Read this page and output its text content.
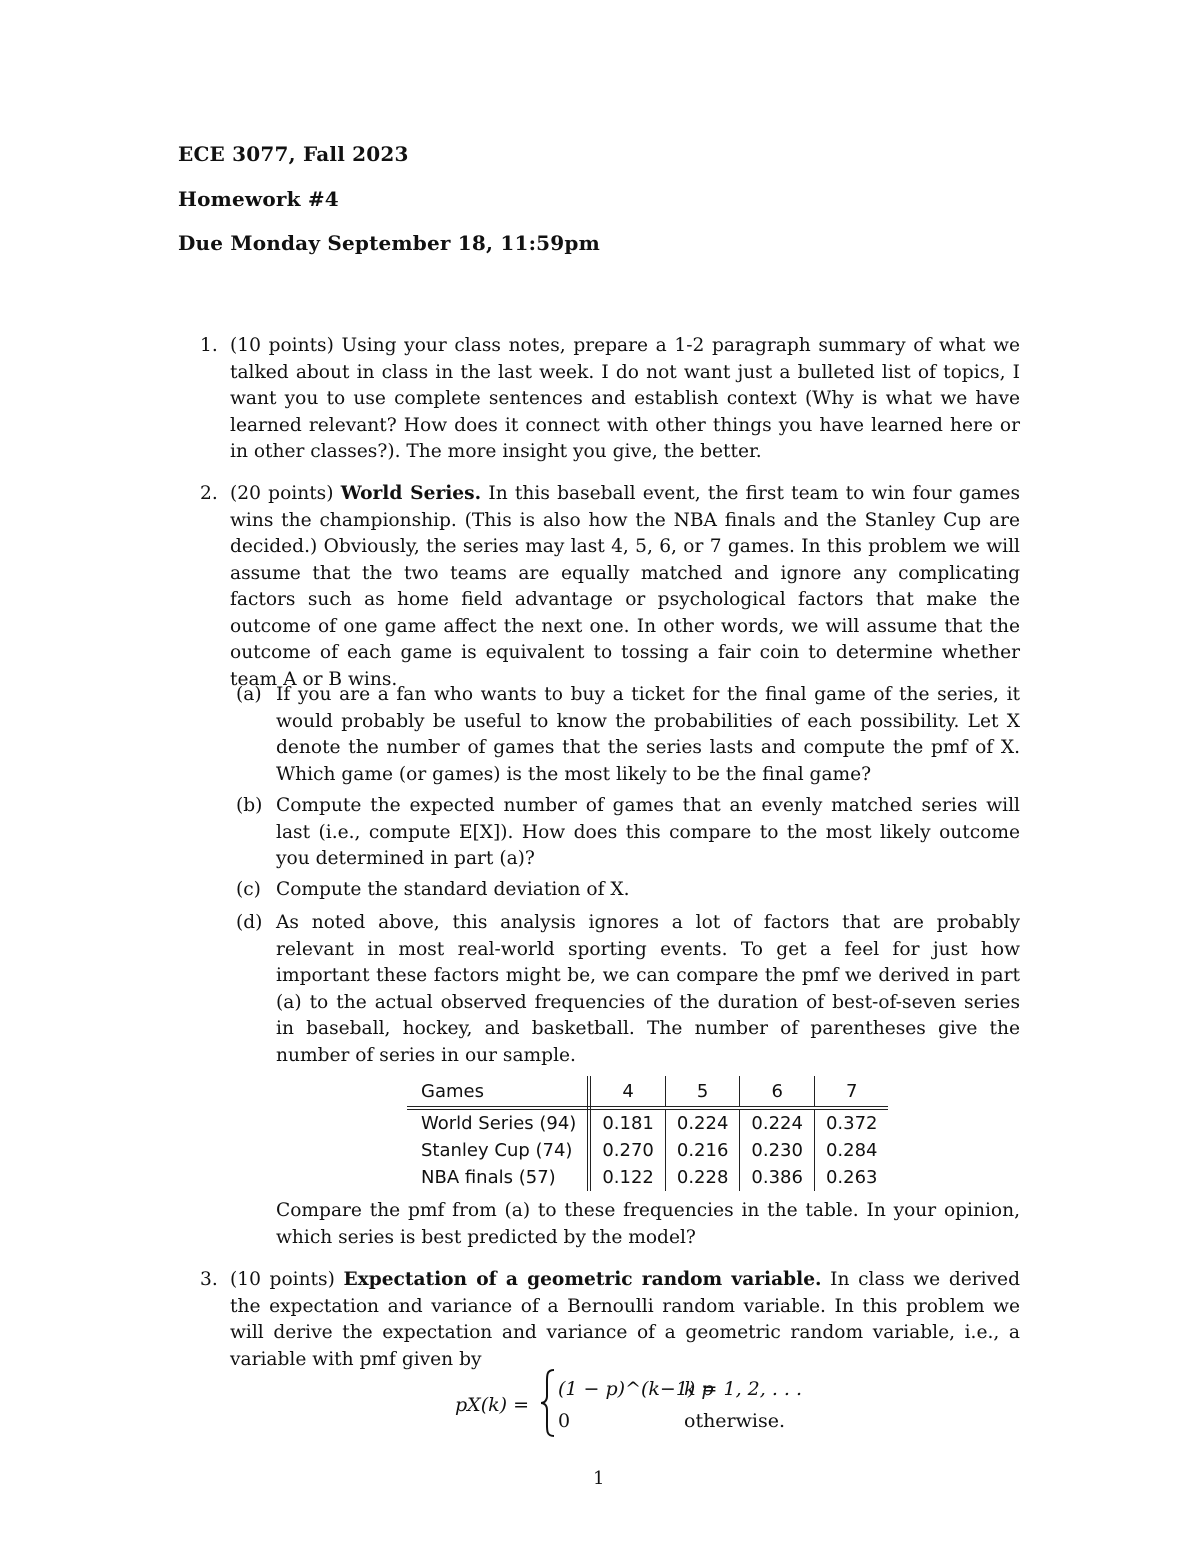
ECE 3077, Fall 2023
Homework #4
Due Monday September 18, 11:59pm
1. (10 points) Using your class notes, prepare a 1-2 paragraph summary of what we talked about in class in the last week. I do not want just a bulleted list of topics, I want you to use complete sentences and establish context (Why is what we have learned relevant? How does it connect with other things you have learned here or in other classes?). The more insight you give, the better.
2. (20 points) World Series. In this baseball event, the first team to win four games wins the championship. (This is also how the NBA finals and the Stanley Cup are decided.) Obviously, the series may last 4, 5, 6, or 7 games. In this problem we will assume that the two teams are equally matched and ignore any complicating factors such as home field advantage or psychological factors that make the outcome of one game affect the next one. In other words, we will assume that the outcome of each game is equivalent to tossing a fair coin to determine whether team A or B wins.
(a) If you are a fan who wants to buy a ticket for the final game of the series, it would probably be useful to know the probabilities of each possibility. Let X denote the number of games that the series lasts and compute the pmf of X. Which game (or games) is the most likely to be the final game?
(b) Compute the expected number of games that an evenly matched series will last (i.e., compute E[X]). How does this compare to the most likely outcome you determined in part (a)?
(c) Compute the standard deviation of X.
(d) As noted above, this analysis ignores a lot of factors that are probably relevant in most real-world sporting events. To get a feel for just how important these factors might be, we can compare the pmf we derived in part (a) to the actual observed frequencies of the duration of best-of-seven series in baseball, hockey, and basketball. The number of parentheses give the number of series in our sample.
Games	4	5	6	7
World Series (94)	0.181	0.224	0.224	0.372
Stanley Cup (74)	0.270	0.216	0.230	0.284
NBA finals (57)	0.122	0.228	0.386	0.263
Compare the pmf from (a) to these frequencies in the table. In your opinion, which series is best predicted by the model?
3. (10 points) Expectation of a geometric random variable. In class we derived the expectation and variance of a Bernoulli random variable. In this problem we will derive the expectation and variance of a geometric random variable, i.e., a variable with pmf given by
pX(k) =
(1 − p)^(k−1) p
k = 1, 2, . . .
0	otherwise.
1
